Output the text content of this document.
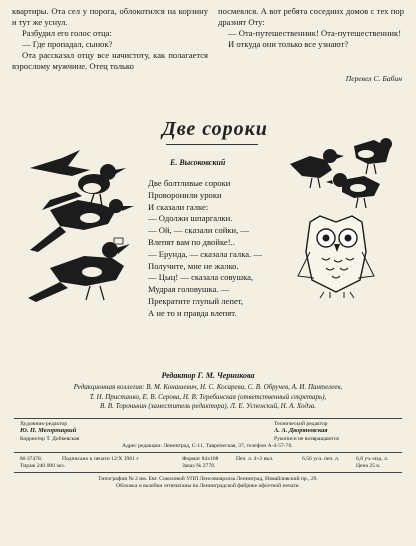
квартиры. Ота сел у порога, облокотился на корзину и тут же уснул.

Разбудил его голос отца:

— Где пропадал, сынок?

Ота рассказал отцу все начистоту, как полагается взрослому мужчине. Отец только

посмеялся. А вот ребята соседних домов с тех пор дразнят Оту:

— Ота-путешественник! Ота-путешественник!

И откуда они только все узнают?

Перевел С. Бабин
Две сороки
Е. Высоковский
Две болтливые сороки
Проворонили уроки
И сказали галке:
— Одолжи шпаргалки.
— Ой, — сказали сойки, —
Влепят вам по двойке!..
— Ерунда, — сказала галка. —
Получите, мне не жалко.
— Цыц! — сказала совушка,
Мудрая головушка. —
Прекратите глупый лепет,
А не то и правда влепят.
Редактор Г. М. Черникова
Редакционная коллегия: В. М. Конашевич, Н. С. Косарева, С. В. Обручев, А. И. Пантелеев,
Т. Н. Пристанко, Е. В. Серова, Н. В. Теребинская (ответственный секретарь),
В. В. Торонькин (заместитель редактора), Л. Е. Успенский, Н. А. Ходза.
Художник-редактор
Ю. П. Мегорницкий
Корректор Т. Добкевская
Технический редактор
А. А. Дворяновская
Рукописи не возвращаются
Адрес редакции: Ленинград, С-11, Таврическая, 37, телефон А-4-57-76.
М-37478.	Подписано к печати 12/X 1961 г	Формат 84х108	Печ. л. 4+2 вкл.	6,56 усл. печ. л.	6,8 уч.-изд. л.
Тираж 240 000 экз.	Заказ № 2778.	Цена 25 к.
Типография № 2 им. Евг. Соколовой УПП Ленсовнархоза Ленинград, Измайловский пр., 29.
Обложка и вклейки отпечатаны на Ленинградской фабрике офсетной печати.
